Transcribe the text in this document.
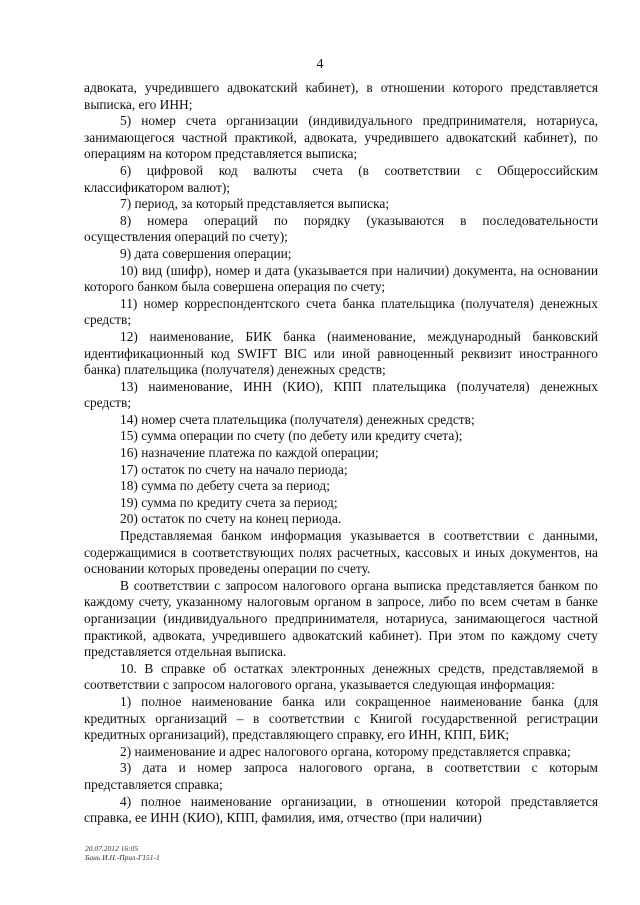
4

адвоката, учредившего адвокатский кабинет), в отношении которого представляется выписка, его ИНН;

5) номер счета организации (индивидуального предпринимателя, нотариуса, занимающегося частной практикой, адвоката, учредившего адвокатский кабинет), по операциям на котором представляется выписка;

6) цифровой код валюты счета (в соответствии с Общероссийским классификатором валют);

7) период, за который представляется выписка;

8) номера операций по порядку (указываются в последовательности осуществления операций по счету);

9) дата совершения операции;

10) вид (шифр), номер и дата (указывается при наличии) документа, на основании которого банком была совершена операция по счету;

11) номер корреспондентского счета банка плательщика (получателя) денежных средств;

12) наименование, БИК банка (наименование, международный банковский идентификационный код SWIFT BIC или иной равноценный реквизит иностранного банка) плательщика (получателя) денежных средств;

13) наименование, ИНН (КИО), КПП плательщика (получателя) денежных средств;

14) номер счета плательщика (получателя) денежных средств;

15) сумма операции по счету (по дебету или кредиту счета);

16) назначение платежа по каждой операции;

17) остаток по счету на начало периода;

18) сумма по дебету счета за период;

19) сумма по кредиту счета за период;

20) остаток по счету на конец периода.

Представляемая банком информация указывается в соответствии с данными, содержащимися в соответствующих полях расчетных, кассовых и иных документов, на основании которых проведены операции по счету.

В соответствии с запросом налогового органа выписка представляется банком по каждому счету, указанному налоговым органом в запросе, либо по всем счетам в банке организации (индивидуального предпринимателя, нотариуса, занимающегося частной практикой, адвоката, учредившего адвокатский кабинет). При этом по каждому счету представляется отдельная выписка.

10. В справке об остатках электронных денежных средств, представляемой в соответствии с запросом налогового органа, указывается следующая информация:

1) полное наименование банка или сокращенное наименование банка (для кредитных организаций – в соответствии с Книгой государственной регистрации кредитных организаций), представляющего справку, его ИНН, КПП, БИК;

2) наименование и адрес налогового органа, которому представляется справка;

3) дата и номер запроса налогового органа, в соответствии с которым представляется справка;

4) полное наименование организации, в отношении которой представляется справка, ее ИНН (КИО), КПП, фамилия, имя, отчество (при наличии)

20.07.2012 16:05
Бань И.Н.-Прил-Г151-1
